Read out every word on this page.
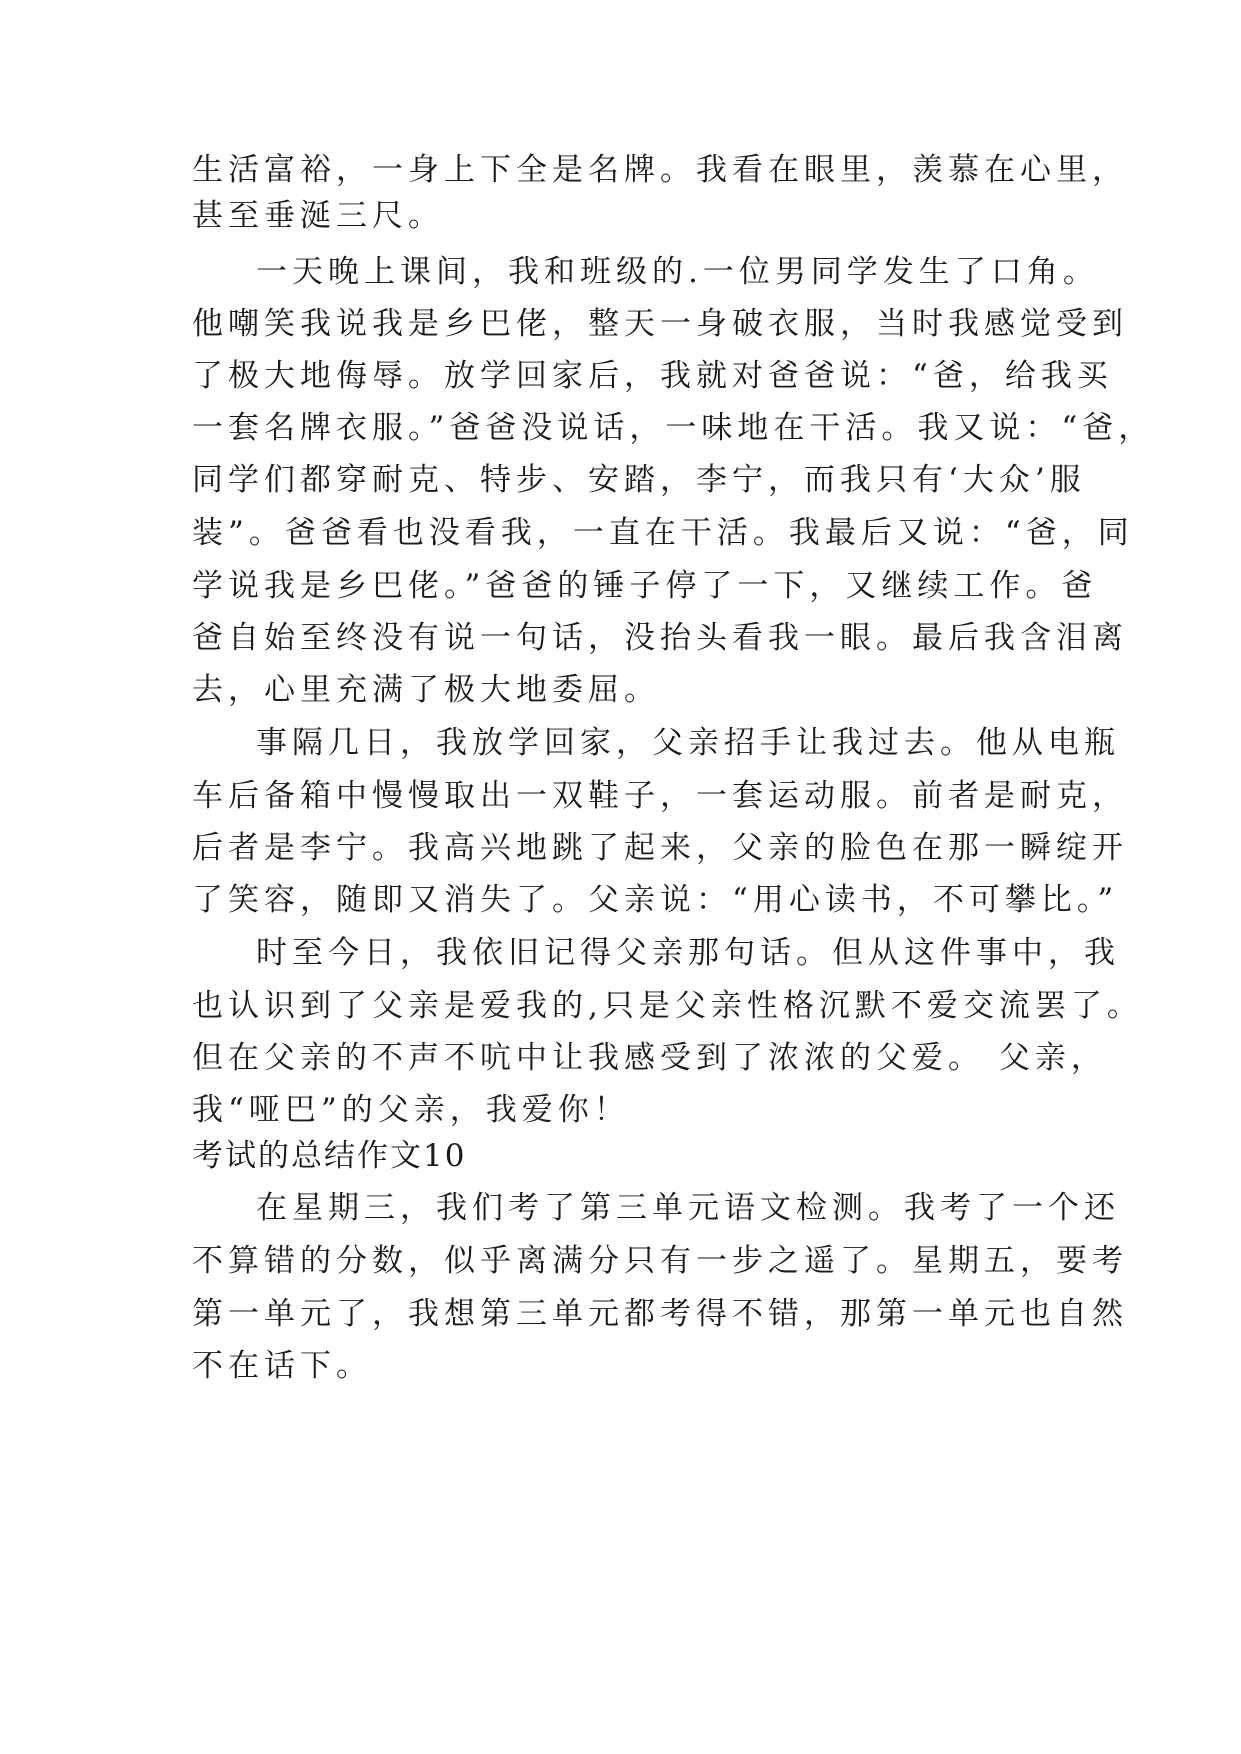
生活富裕，一身上下全是名牌。我看在眼里，羡慕在心里，
甚至垂涎三尺。
一天晚上课间，我和班级的.一位男同学发生了口角。
他嘲笑我说我是乡巴佬，整天一身破衣服，当时我感觉受到
了极大地侮辱。放学回家后，我就对爸爸说：“爸，给我买
一套名牌衣服。”爸爸没说话，一味地在干活。我又说：“爸，
同学们都穿耐克、特步、安踏，李宁，而我只有‘大众’服
装”。爸爸看也没看我，一直在干活。我最后又说：“爸，同
学说我是乡巴佬。”爸爸的锤子停了一下，又继续工作。爸
爸自始至终没有说一句话，没抬头看我一眼。最后我含泪离
去，心里充满了极大地委屈。
事隔几日，我放学回家，父亲招手让我过去。他从电瓶
车后备箱中慢慢取出一双鞋子，一套运动服。前者是耐克，
后者是李宁。我高兴地跳了起来，父亲的脸色在那一瞬绽开
了笑容，随即又消失了。父亲说：“用心读书，不可攀比。”
时至今日，我依旧记得父亲那句话。但从这件事中，我
也认识到了父亲是爱我的,只是父亲性格沉默不爱交流罢了。
但在父亲的不声不吭中让我感受到了浓浓的父爱。 父亲，
我“哑巴”的父亲，我爱你！
考试的总结作文10
在星期三，我们考了第三单元语文检测。我考了一个还
不算错的分数，似乎离满分只有一步之遥了。星期五，要考
第一单元了，我想第三单元都考得不错，那第一单元也自然
不在话下。
